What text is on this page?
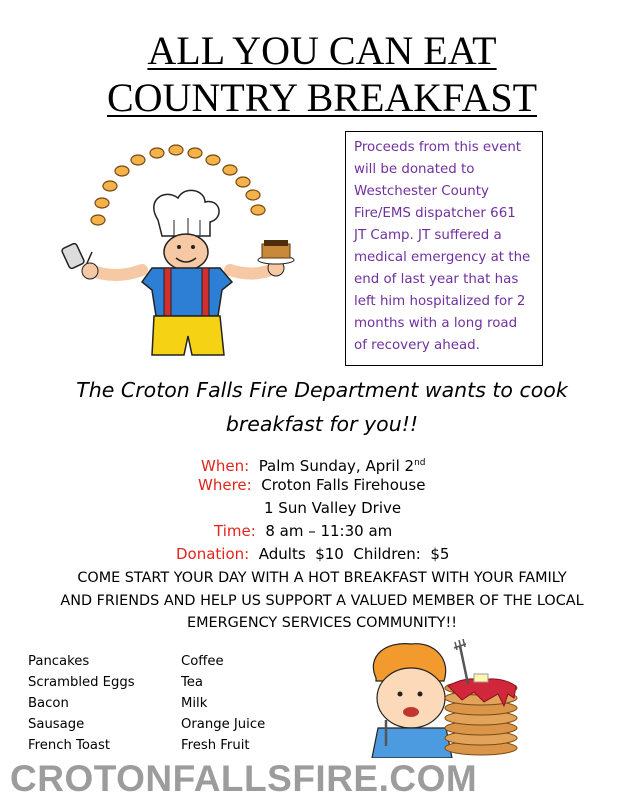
ALL YOU CAN EAT
COUNTRY BREAKFAST
Proceeds from this event
will be donated to
Westchester County
Fire/EMS dispatcher 661
JT Camp. JT suffered a
medical emergency at the
end of last year that has
left him hospitalized for 2
months with a long road
of recovery ahead.
The Croton Falls Fire Department wants to cook
breakfast for you!!
When: Palm Sunday, April 2nd
Where: Croton Falls Firehouse
1 Sun Valley Drive
Time: 8 am – 11:30 am
Donation: Adults  $10  Children:  $5
COME START YOUR DAY WITH A HOT BREAKFAST WITH YOUR FAMILY
AND FRIENDS AND HELP US SUPPORT A VALUED MEMBER OF THE LOCAL
EMERGENCY SERVICES COMMUNITY!!
Pancakes
Scrambled Eggs
Bacon
Sausage
French Toast
Coffee
Tea
Milk
Orange Juice
Fresh Fruit
CROTONFALLSFIRE.COM
